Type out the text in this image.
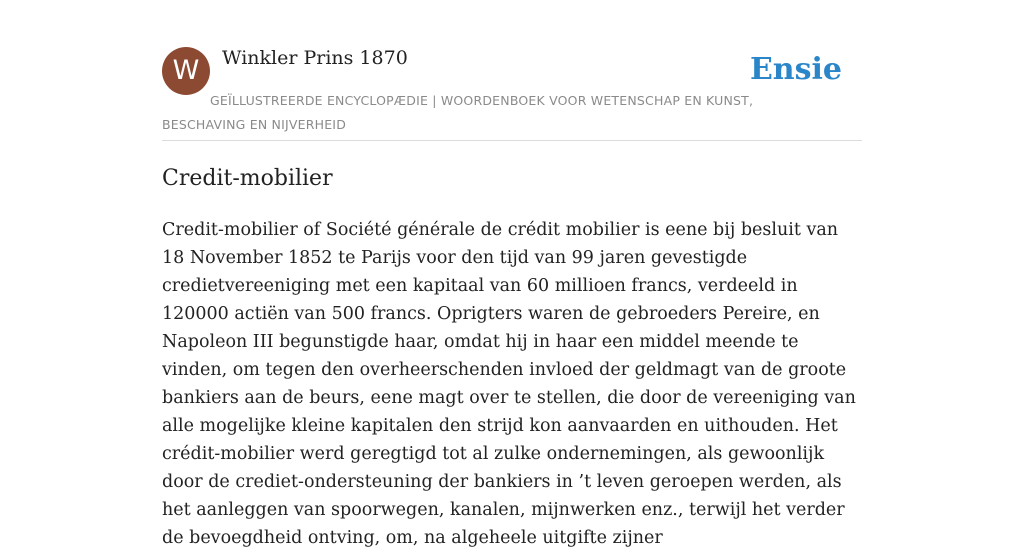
W	Winkler Prins 1870	Ensie
GEÏLLUSTREERDE ENCYCLOPÆDIE | WOORDENBOEK VOOR WETENSCHAP EN KUNST, BESCHAVING EN NIJVERHEID
Credit-mobilier

Credit-mobilier of Société générale de crédit mobilier is eene bij besluit van 18 November 1852 te Parijs voor den tijd van 99 jaren gevestigde credietvereeniging met een kapitaal van 60 millioen francs, verdeeld in 120000 actiën van 500 francs. Oprigters waren de gebroeders Pereire, en Napoleon III begunstigde haar, omdat hij in haar een middel meende te vinden, om tegen den overheerschenden invloed der geldmagt van de groote bankiers aan de beurs, eene magt over te stellen, die door de vereeniging van alle mogelijke kleine kapitalen den strijd kon aanvaarden en uithouden. Het crédit-mobilier werd geregtigd tot al zulke ondernemingen, als gewoonlijk door de crediet-ondersteuning der bankiers in ’t leven geroepen werden, als het aanleggen van spoorwegen, kanalen, mijnwerken enz., terwijl het verder de bevoegdheid ontving, om, na algeheele uitgifte zijner
